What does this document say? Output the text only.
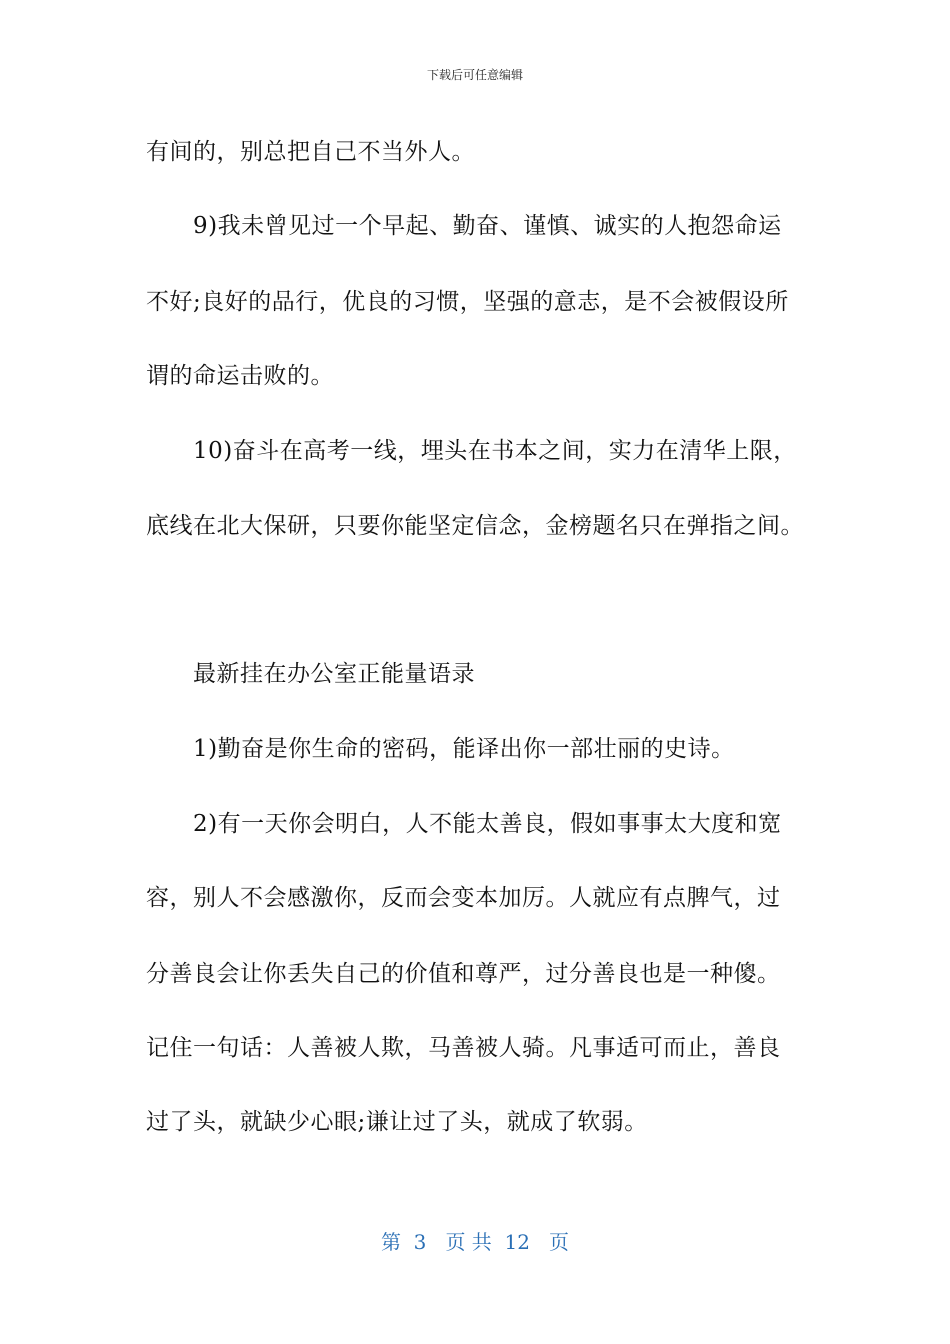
下载后可任意编辑
有间的，别总把自己不当外人。
9)我未曾见过一个早起、勤奋、谨慎、诚实的人抱怨命运
不好;良好的品行，优良的习惯，坚强的意志，是不会被假设所
谓的命运击败的。
10)奋斗在高考一线，埋头在书本之间，实力在清华上限，
底线在北大保研，只要你能坚定信念，金榜题名只在弹指之间。
最新挂在办公室正能量语录
1)勤奋是你生命的密码，能译出你一部壮丽的史诗。
2)有一天你会明白，人不能太善良，假如事事太大度和宽
容，别人不会感激你，反而会变本加厉。人就应有点脾气，过
分善良会让你丢失自己的价值和尊严，过分善良也是一种傻。
记住一句话：人善被人欺，马善被人骑。凡事适可而止，善良
过了头，就缺少心眼;谦让过了头，就成了软弱。
第  3   页 共  12   页
